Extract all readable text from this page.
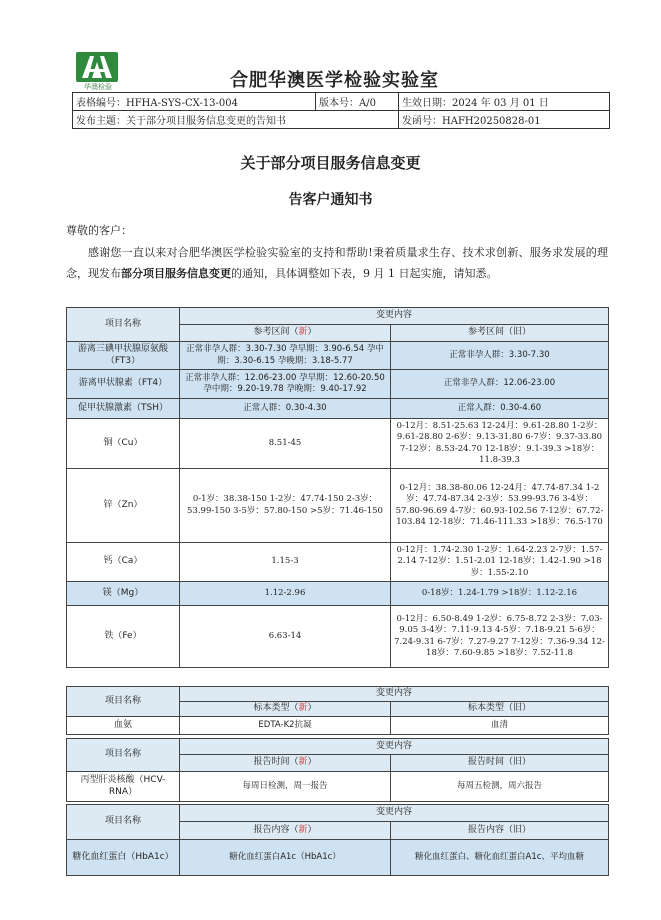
华澳检验	合肥华澳医学检验实验室
表格编号：HFHA-SYS-CX-13-004	版本号：A/0	生效日期：2024 年 03 月 01 日
发布主题：关于部分项目服务信息变更的告知书		发函号：HAFH20250828-01
关于部分项目服务信息变更
告客户通知书
尊敬的客户：
感谢您一直以来对合肥华澳医学检验实验室的支持和帮助!秉着质量求生存、技术求创新、服务求发展的理念，现发布部分项目服务信息变更的通知，具体调整如下表，9 月 1 日起实施，请知悉。
项目名称	变更内容	
	参考区间（新）	参考区间（旧）
游离三碘甲状腺原氨酸（FT3）	正常非孕人群：3.30-7.30 孕早期：3.90-6.54 孕中期：3.30-6.15 孕晚期：3.18-5.77	正常非孕人群：3.30-7.30
游离甲状腺素（FT4）	正常非孕人群：12.06-23.00 孕早期：12.60-20.50 孕中期：9.20-19.78 孕晚期：9.40-17.92	正常非孕人群：12.06-23.00
促甲状腺激素（TSH）	正常人群：0.30-4.30	正常人群：0.30-4.60
铜（Cu）	8.51-45	0-12月：8.51-25.63 12-24月：9.61-28.80 1-2岁：9.61-28.80 2-6岁：9.13-31.80 6-7岁：9.37-33.80 7-12岁：8.53-24.70 12-18岁：9.1-39.3 >18岁：11.8-39.3
锌（Zn）	0-1岁：38.38-150 1-2岁：47.74-150 2-3岁：53.99-150 3-5岁：57.80-150 >5岁：71.46-150	0-12月：38.38-80.06 12-24月：47.74-87.34 1-2岁：47.74-87.34 2-3岁：53.99-93.76 3-4岁：57.80-96.69 4-7岁：60.93-102.56 7-12岁：67.72-103.84 12-18岁：71.46-111.33 >18岁：76.5-170
钙（Ca）	1.15-3	0-12月：1.74-2.30 1-2岁：1.64-2.23 2-7岁：1.57-2.14 7-12岁：1.51-2.01 12-18岁：1.42-1.90 >18岁：1.55-2.10
镁（Mg）	1.12-2.96	0-18岁：1.24-1.79 >18岁：1.12-2.16
铁（Fe）	6.63-14	0-12月：6.50-8.49 1-2岁：6.75-8.72 2-3岁：7.03-9.05 3-4岁：7.11-9.13 4-5岁：7.18-9.21 5-6岁：7.24-9.31 6-7岁：7.27-9.27 7-12岁：7.36-9.34 12-18岁：7.60-9.85 >18岁：7.52-11.8
项目名称	变更内容	
	标本类型（新）	标本类型（旧）
血氨	EDTA-K2抗凝	血清
项目名称	变更内容	
	报告时间（新）	报告时间（旧）
丙型肝炎核酸（HCV-RNA）	每周日检测，周一报告	每周五检测，周六报告
项目名称	变更内容	
	报告内容（新）	报告内容（旧）
糖化血红蛋白（HbA1c）	糖化血红蛋白A1c（HbA1c）	糖化血红蛋白、糖化血红蛋白A1c、平均血糖
